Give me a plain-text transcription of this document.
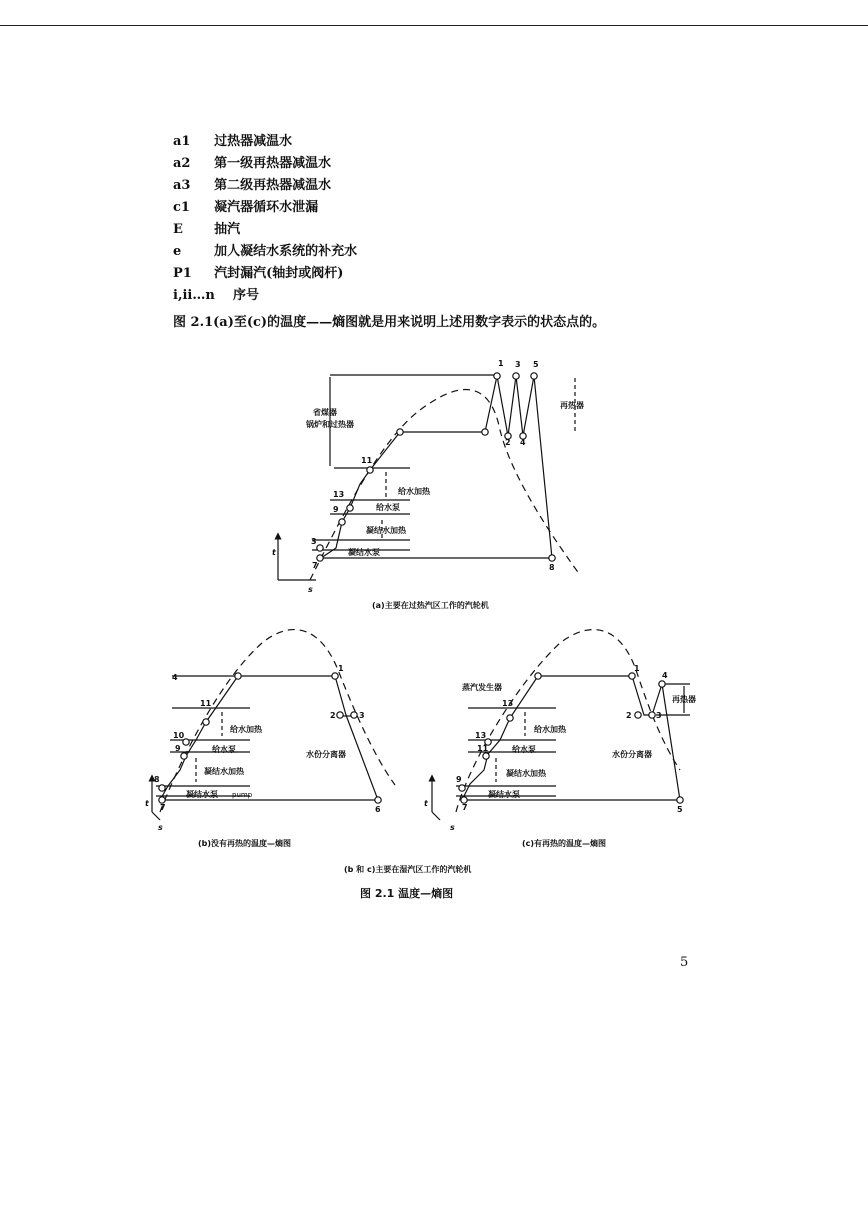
a1 过热器减温水
a2 第一级再热器减温水
a3 第二级再热器减温水
c1 凝汽器循环水泄漏
E 抽汽
e	加人凝结水系统的补充水
P1 汽封漏汽(轴封或阀杆)
i,ii…n 序号
图 2.1(a)至(c)的温度——熵图就是用来说明上述用数字表示的状态点的。
1 3 5
2 4
8
11
13
9
3
7
省煤器
锅炉和过热器
再热器
给水加热
给水泵
凝结水加热
凝结水泵
t
s
(a)主要在过热汽区工作的汽轮机
4
1
2	3
6
11
10
9
8
7
给水加热
给水泵
凝结水加热
凝结水泵 pump
水份分离器
t
s
(b)没有再热的温度—熵图
1
2	3
4
5
13
13
11
9
7
蒸汽发生器
再热器
给水加热
给水泵
凝结水加热
凝结水泵
水份分离器
t
s
(c)有再热的温度—熵图
(b 和 c)主要在湿汽区工作的汽轮机
图 2.1 温度—熵图
5
